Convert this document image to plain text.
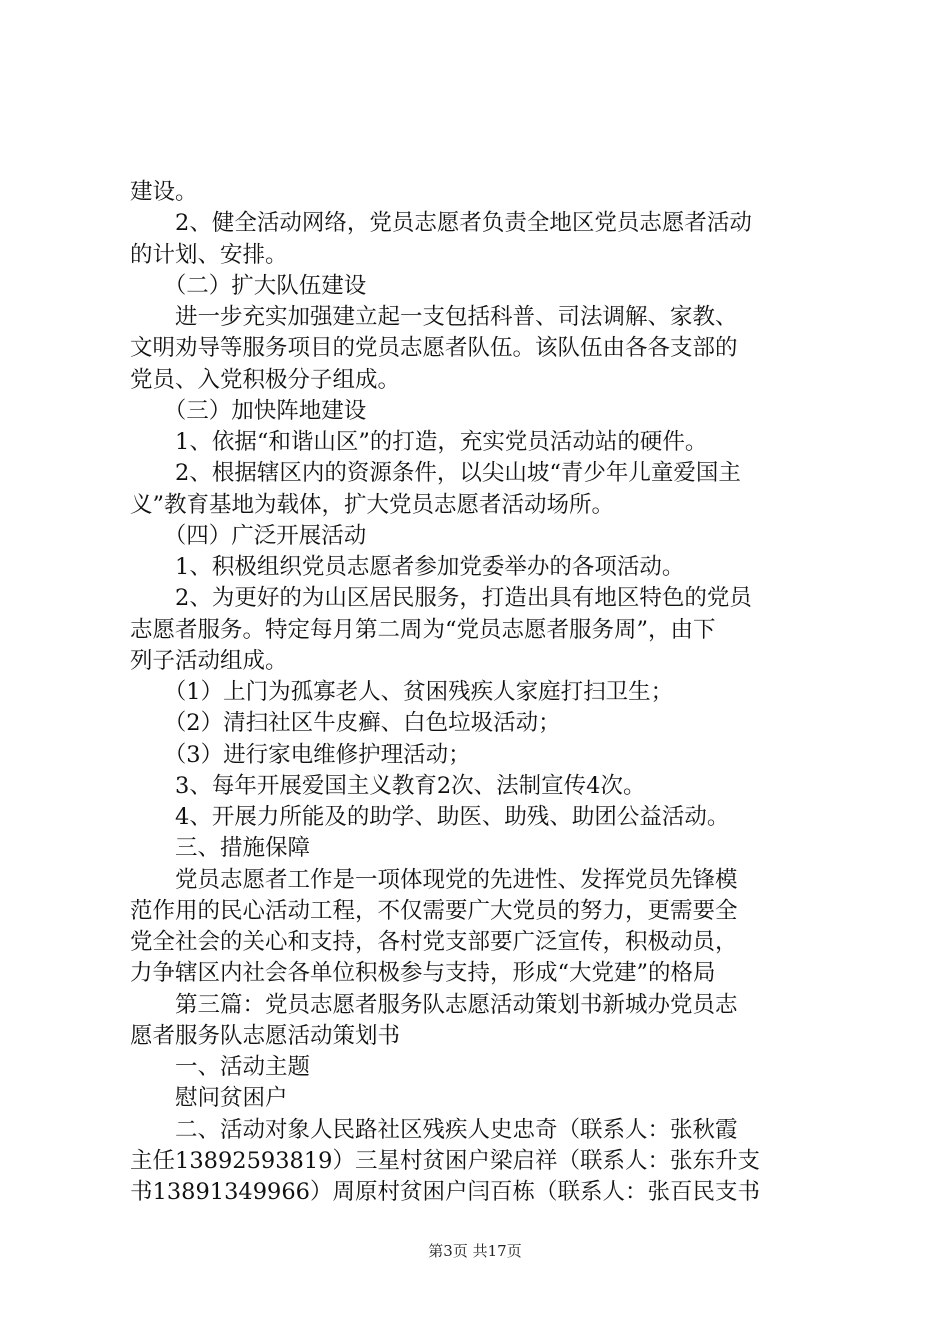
建设。
　　2、健全活动网络，党员志愿者负责全地区党员志愿者活动
的计划、安排。
　　（二）扩大队伍建设
　　进一步充实加强建立起一支包括科普、司法调解、家教、
文明劝导等服务项目的党员志愿者队伍。该队伍由各各支部的
党员、入党积极分子组成。
　　（三）加快阵地建设
　　1、依据“和谐山区”的打造，充实党员活动站的硬件。
　　2、根据辖区内的资源条件，以尖山坡“青少年儿童爱国主
义”教育基地为载体，扩大党员志愿者活动场所。
　　（四）广泛开展活动
　　1、积极组织党员志愿者参加党委举办的各项活动。
　　2、为更好的为山区居民服务，打造出具有地区特色的党员
志愿者服务。特定每月第二周为“党员志愿者服务周”，由下
列子活动组成。
　　（1）上门为孤寡老人、贫困残疾人家庭打扫卫生；
　　（2）清扫社区牛皮癣、白色垃圾活动；
　　（3）进行家电维修护理活动；
　　3、每年开展爱国主义教育2次、法制宣传4次。
　　4、开展力所能及的助学、助医、助残、助团公益活动。
　　三、措施保障
　　党员志愿者工作是一项体现党的先进性、发挥党员先锋模
范作用的民心活动工程，不仅需要广大党员的努力，更需要全
党全社会的关心和支持，各村党支部要广泛宣传，积极动员，
力争辖区内社会各单位积极参与支持，形成“大党建”的格局
　　第三篇：党员志愿者服务队志愿活动策划书新城办党员志
愿者服务队志愿活动策划书
　　一、活动主题
　　慰问贫困户
　　二、活动对象人民路社区残疾人史忠奇（联系人：张秋霞
主任13892593819）三星村贫困户梁启祥（联系人：张东升支
书13891349966）周原村贫困户闫百栋（联系人：张百民支书
第3页 共17页
